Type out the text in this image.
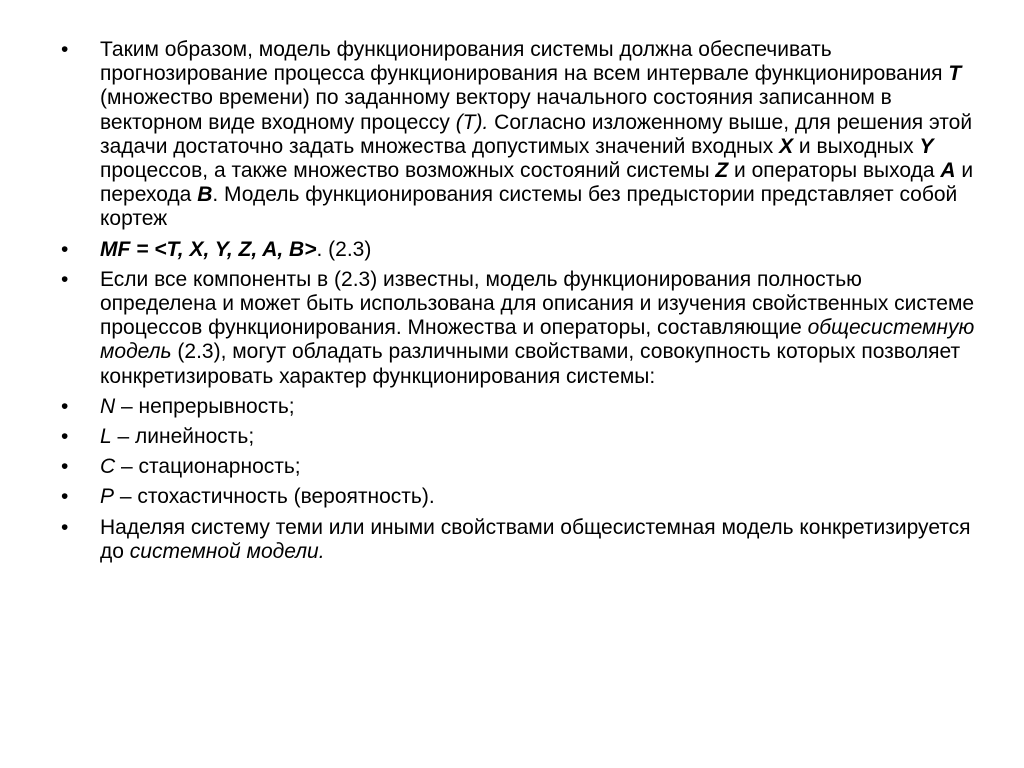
• Таким образом, модель функционирования системы должна обеспечивать прогнозирование процесса функционирования на всем интервале функционирования T (множество времени) по заданному вектору начального состояния записанном в векторном виде входному процессу (T). Согласно изложенному выше, для решения этой задачи достаточно задать множества допустимых значений входных X и выходных Y процессов, а также множество возможных состояний системы Z и операторы выхода A и перехода B. Модель функционирования системы без предыстории представляет собой кортеж
• MF = <T, X, Y, Z, A, B>. (2.3)
• Если все компоненты в (2.3) известны, модель функционирования полностью определена и может быть использована для описания и изучения свойственных системе процессов функционирования. Множества и операторы, составляющие общесистемную модель (2.3), могут обладать различными свойствами, совокупность которых позволяет конкретизировать характер функционирования системы:
• N – непрерывность;
• L – линейность;
• C – стационарность;
• P – стохастичность (вероятность).
• Наделяя систему теми или иными свойствами общесистемная модель конкретизируется до системной модели.
